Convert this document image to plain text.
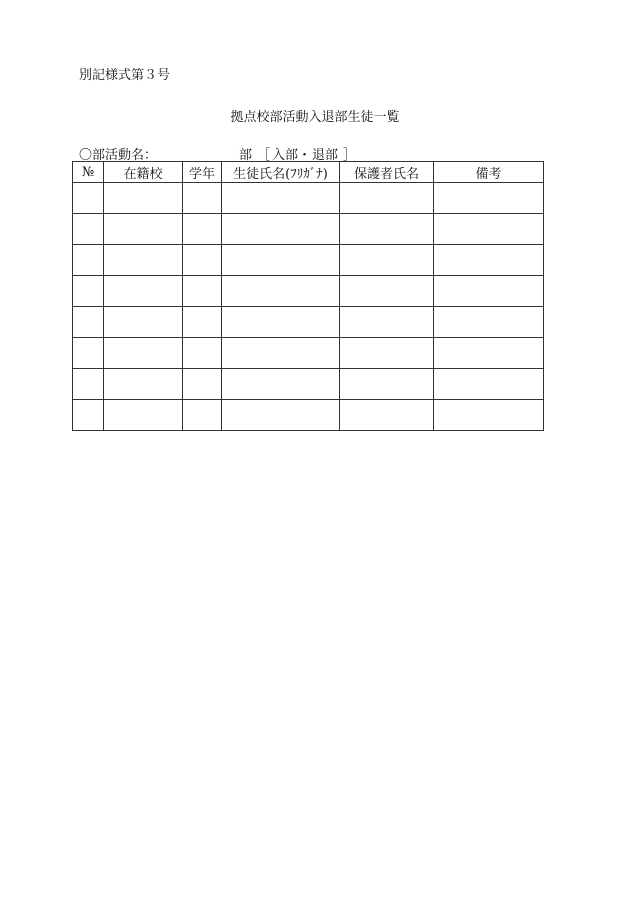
別記様式第３号
拠点校部活動入退部生徒一覧
〇部活動名：	部 ［ 入部 ・ 退部 ］
№	在籍校	学年	生徒氏名(ﾌﾘｶﾞﾅ)	保護者氏名	備考
